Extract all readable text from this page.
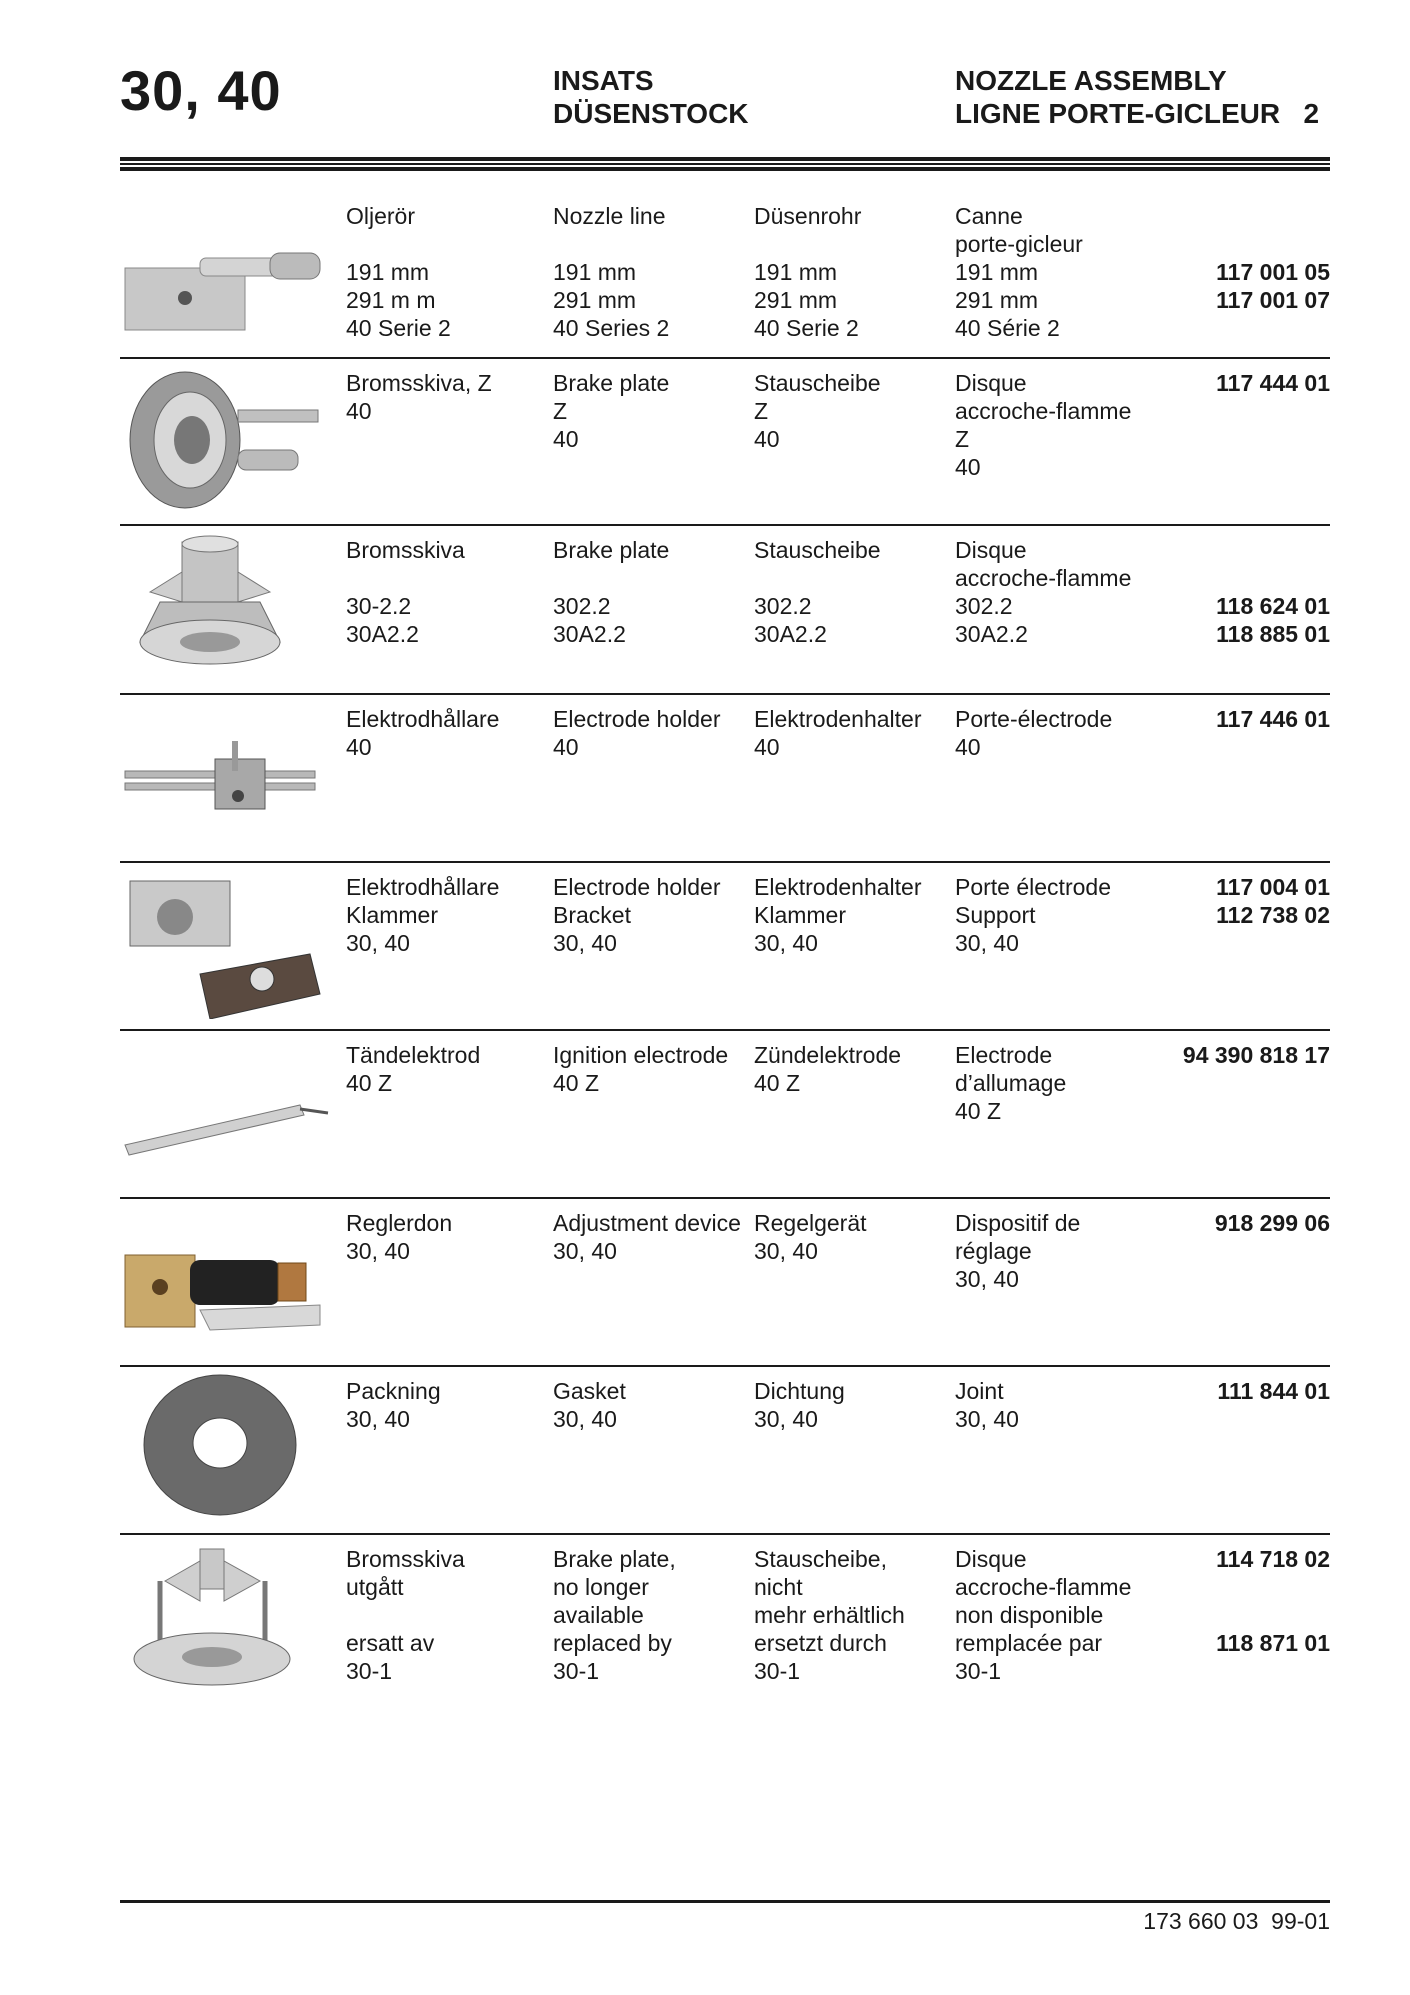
30, 40	INSATS
DÜSENSTOCK
NOZZLE ASSEMBLY
LIGNE PORTE-GICLEUR   2
Oljerör

191 mm
291 m m
40 Serie 2
Nozzle line

191 mm
291 mm
40 Series 2
Düsenrohr

191 mm
291 mm
40 Serie 2
Canne
porte-gicleur
191 mm
291 mm
40 Série 2

117 001 05
117 001 07
Bromsskiva, Z
40
Brake plate
Z
40
Stauscheibe
Z
40
Disque
accroche-flamme
Z
40
117 444 01
Bromsskiva

30-2.2
30A2.2
Brake plate

302.2
30A2.2
Stauscheibe

302.2
30A2.2
Disque
accroche-flamme
302.2
30A2.2

118 624 01
118 885 01
Elektrodhållare
40
Electrode holder
40
Elektrodenhalter
40
Porte-électrode
40
117 446 01
Elektrodhållare
Klammer
30, 40
Electrode holder
Bracket
30, 40
Elektrodenhalter
Klammer
30, 40
Porte électrode
Support
30, 40
117 004 01
112 738 02
Tändelektrod
40 Z
Ignition electrode
40 Z
Zündelektrode
40 Z
Electrode
d’allumage
40 Z
94 390 818 17
Reglerdon
30, 40
Adjustment device
30, 40
Regelgerät
30, 40
Dispositif de
réglage
30, 40
918 299 06
Packning
30, 40
Gasket
30, 40
Dichtung
30, 40
Joint
30, 40
111 844 01
Bromsskiva
utgått

ersatt av
30-1
Brake plate,
no longer
available
replaced by
30-1
Stauscheibe,
nicht
mehr erhältlich
ersetzt durch
30-1
Disque
accroche-flamme
non disponible
remplacée par
30-1
114 718 02

118 871 01
173 660 03  99-01
